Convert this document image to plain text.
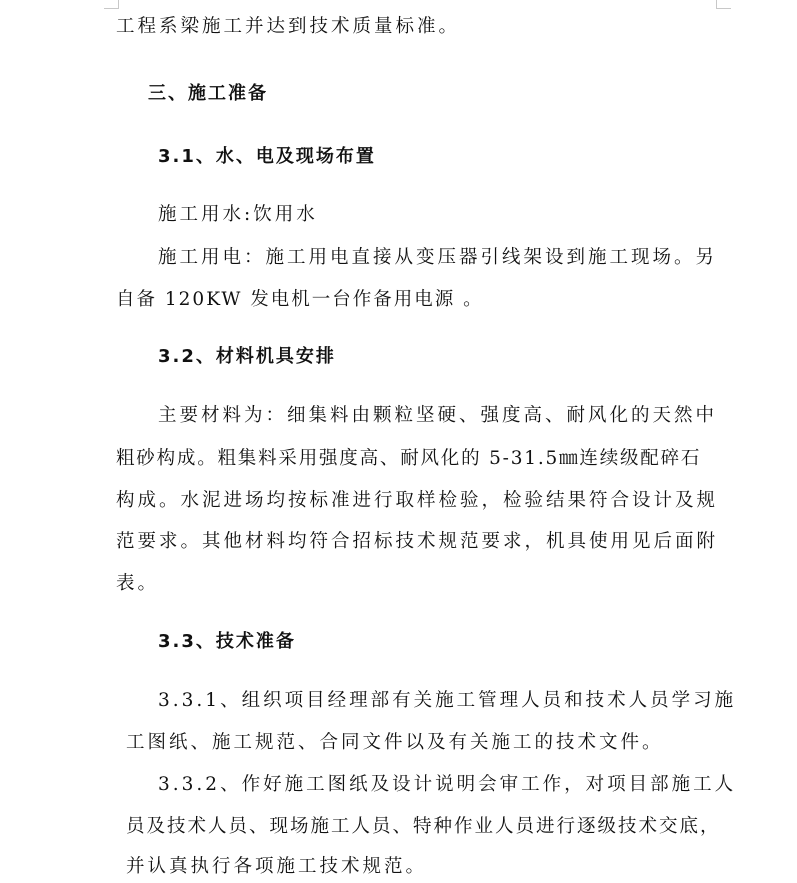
工程系梁施工并达到技术质量标准。
三、施工准备
3.1、水、电及现场布置
施工用水:饮用水
施工用电：施工用电直接从变压器引线架设到施工现场。另
自备 120KW 发电机一台作备用电源 。
3.2、材料机具安排
主要材料为：细集料由颗粒坚硬、强度高、耐风化的天然中
粗砂构成。粗集料采用强度高、耐风化的 5-31.5㎜连续级配碎石
构成。水泥进场均按标准进行取样检验，检验结果符合设计及规
范要求。其他材料均符合招标技术规范要求，机具使用见后面附
表。
3.3、技术准备
3.3.1、组织项目经理部有关施工管理人员和技术人员学习施
工图纸、施工规范、合同文件以及有关施工的技术文件。
3.3.2、作好施工图纸及设计说明会审工作，对项目部施工人
员及技术人员、现场施工人员、特种作业人员进行逐级技术交底，
并认真执行各项施工技术规范。
